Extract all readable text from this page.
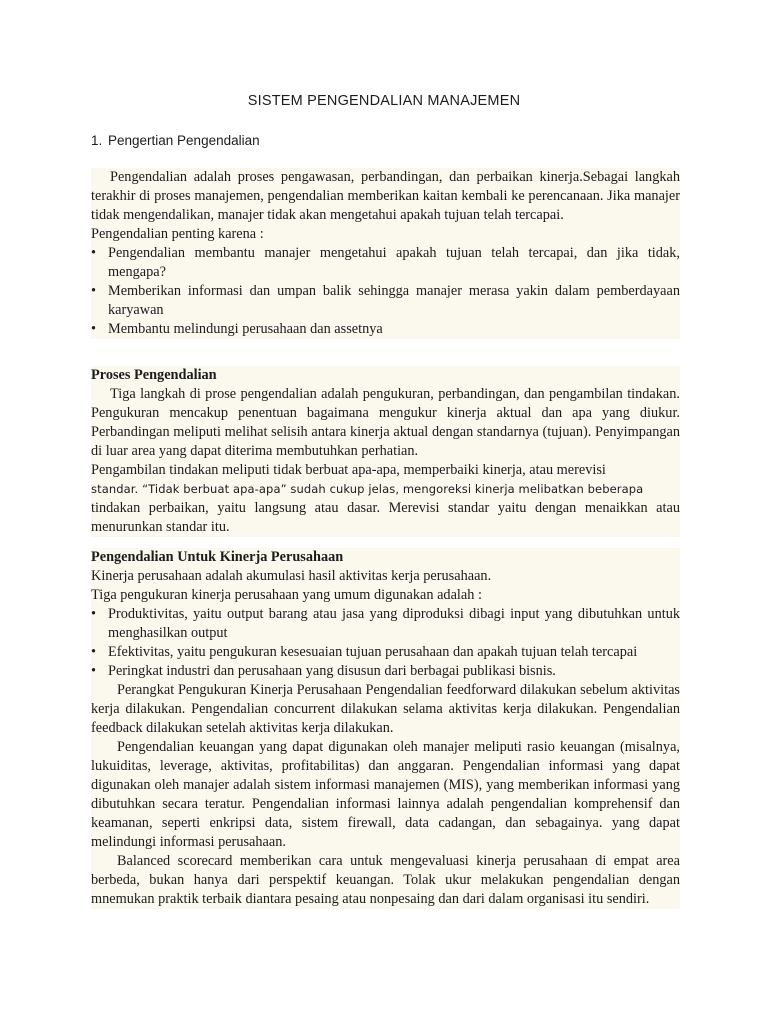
SISTEM PENGENDALIAN MANAJEMEN
1. Pengertian Pengendalian

Pengendalian adalah proses pengawasan, perbandingan, dan perbaikan kinerja.Sebagai langkah terakhir di proses manajemen, pengendalian memberikan kaitan kembali ke perencanaan. Jika manajer tidak mengendalikan, manajer tidak akan mengetahui apakah tujuan telah tercapai.

Pengendalian penting karena :

• Pengendalian membantu manajer mengetahui apakah tujuan telah tercapai, dan jika tidak, mengapa?
• Memberikan informasi dan umpan balik sehingga manajer merasa yakin dalam pemberdayaan karyawan
• Membantu melindungi perusahaan dan assetnya
Proses Pengendalian

Tiga langkah di prose pengendalian adalah pengukuran, perbandingan, dan pengambilan tindakan. Pengukuran mencakup penentuan bagaimana mengukur kinerja aktual dan apa yang diukur. Perbandingan meliputi melihat selisih antara kinerja aktual dengan standarnya (tujuan). Penyimpangan di luar area yang dapat diterima membutuhkan perhatian.

Pengambilan tindakan meliputi tidak berbuat apa-apa, memperbaiki kinerja, atau merevisi

standar. “Tidak berbuat apa-apa” sudah cukup jelas, mengoreksi kinerja melibatkan beberapa

tindakan perbaikan, yaitu langsung atau dasar. Merevisi standar yaitu dengan menaikkan atau menurunkan standar itu.

Pengendalian Untuk Kinerja Perusahaan

Kinerja perusahaan adalah akumulasi hasil aktivitas kerja perusahaan.

Tiga pengukuran kinerja perusahaan yang umum digunakan adalah :

• Produktivitas, yaitu output barang atau jasa yang diproduksi dibagi input yang dibutuhkan untuk menghasilkan output
• Efektivitas, yaitu pengukuran kesesuaian tujuan perusahaan dan apakah tujuan telah tercapai
• Peringkat industri dan perusahaan yang disusun dari berbagai publikasi bisnis.

Perangkat Pengukuran Kinerja Perusahaan Pengendalian feedforward dilakukan sebelum aktivitas kerja dilakukan. Pengendalian concurrent dilakukan selama aktivitas kerja dilakukan. Pengendalian feedback dilakukan setelah aktivitas kerja dilakukan.

Pengendalian keuangan yang dapat digunakan oleh manajer meliputi rasio keuangan (misalnya, lukuiditas, leverage, aktivitas, profitabilitas) dan anggaran. Pengendalian informasi yang dapat digunakan oleh manajer adalah sistem informasi manajemen (MIS), yang memberikan informasi yang dibutuhkan secara teratur. Pengendalian informasi lainnya adalah pengendalian komprehensif dan keamanan, seperti enkripsi data, sistem firewall, data cadangan, dan sebagainya. yang dapat melindungi informasi perusahaan.

Balanced scorecard memberikan cara untuk mengevaluasi kinerja perusahaan di empat area berbeda, bukan hanya dari perspektif keuangan. Tolak ukur melakukan pengendalian dengan mnemukan praktik terbaik diantara pesaing atau nonpesaing dan dari dalam organisasi itu sendiri.
